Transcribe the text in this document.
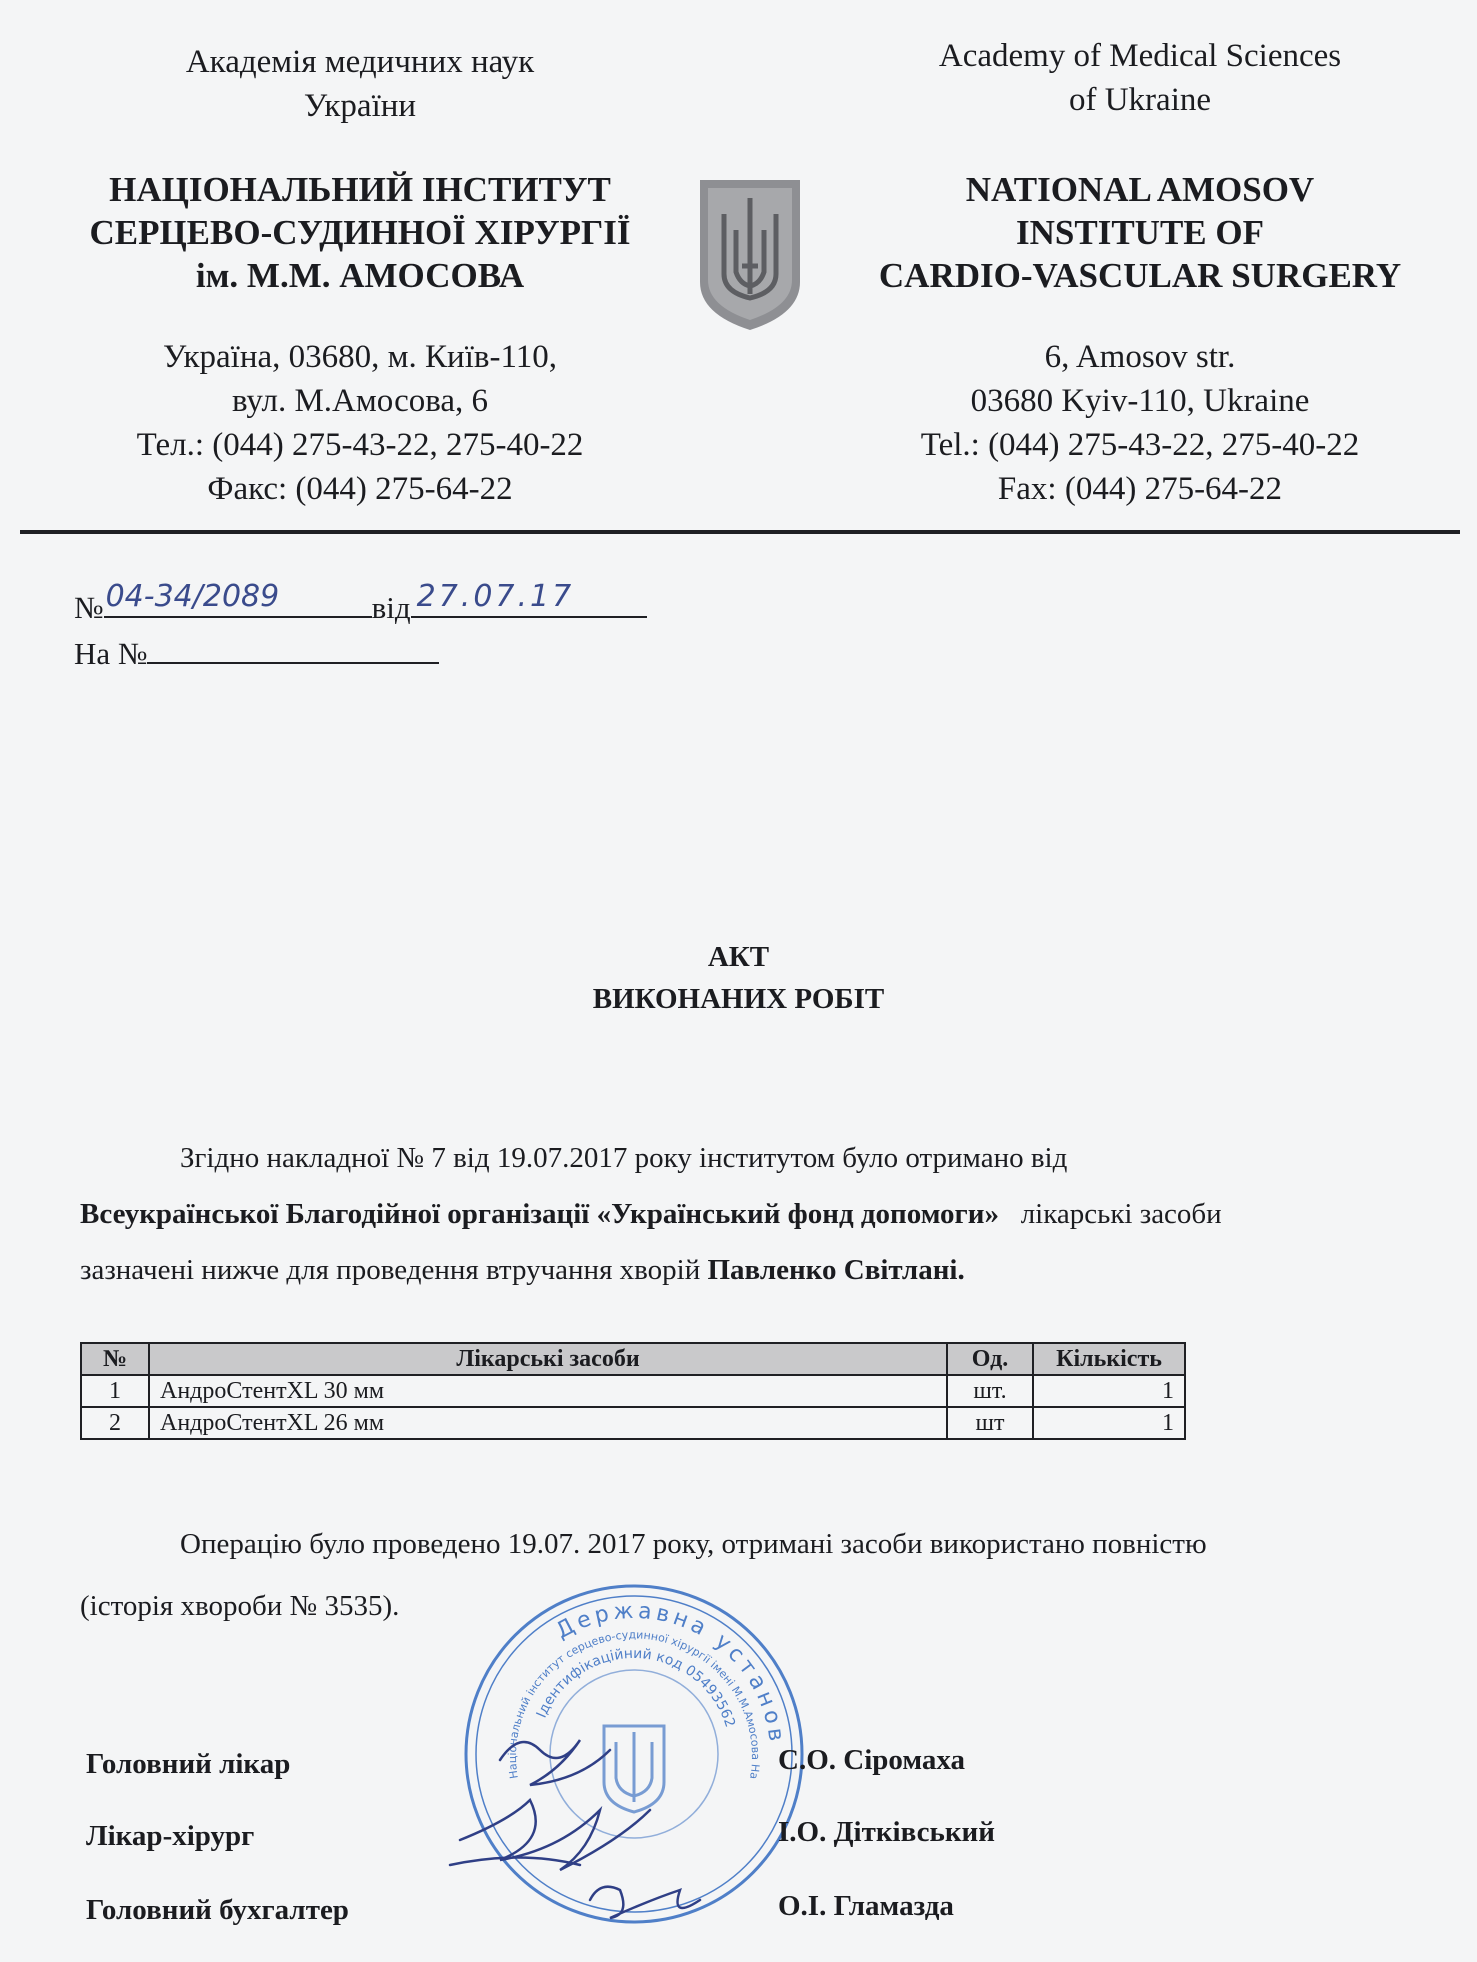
Академія медичних наук
України
НАЦІОНАЛЬНИЙ ІНСТИТУТ
СЕРЦЕВО-СУДИННОЇ ХІРУРГІЇ
ім. М.М. АМОСОВА
Україна, 03680, м. Київ-110,
вул. М.Амосова, 6
Тел.: (044) 275-43-22, 275-40-22
Факс: (044) 275-64-22
Academy of Medical Sciences
of Ukraine
NATIONAL AMOSOV
INSTITUTE OF
CARDIO-VASCULAR SURGERY
6, Amosov str.
03680 Kyiv-110, Ukraine
Tel.: (044) 275-43-22, 275-40-22
Fax: (044) 275-64-22
№ 04-34/2089	від 27.07.17
На №
АКТ
ВИКОНАНИХ РОБІТ
Згідно накладної № 7 від 19.07.2017 року інститутом було отримано від
Всеукраїнської Благодійної організації «Український фонд допомоги» лікарські засоби
зазначені нижче для проведення втручання хворій Павленко Світлані.
№	Лікарські засоби	Од.	Кількість
1	АндроСтентXL 30 мм	шт.	1
2	АндроСтентXL 26 мм	шт	1
Операцію було проведено 19.07. 2017 року, отримані засоби використано повністю
(історія хвороби № 3535).
Державна установ
Національний інститут серцево-судинної хірургії імені М.М.Амосова На
Ідентифікаційний код 05493562
Головний лікар	С.О. Сіромаха
Лікар-хірург	І.О. Дітківський
Головний бухгалтер	О.І. Гламазда
